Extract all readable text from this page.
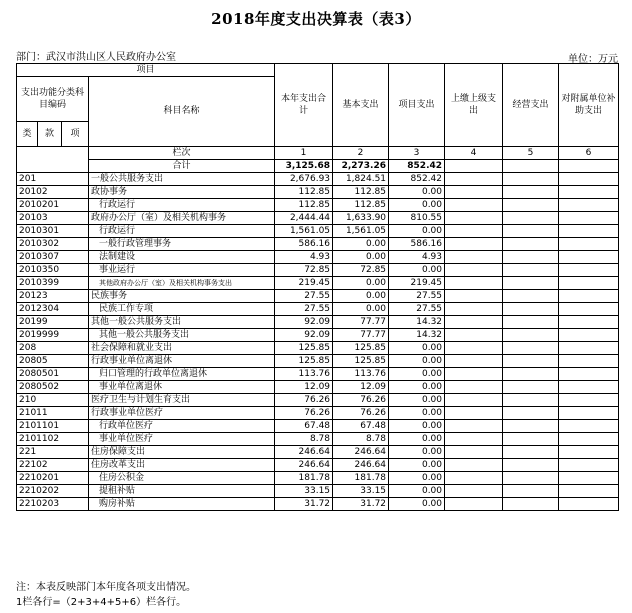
2018年度支出决算表（表3）
部门：武汉市洪山区人民政府办公室	单位：万元
项目				本年支出合计	基本支出	项目支出	上缴上级支出	经营支出	对附属单位补助支出
支出功能分类科目编码			科目名称						
类	款	项							
			栏次	1	2	3	4	5	6
			合计	3,125.68	2,273.26	852.42			
201			一般公共服务支出	2,676.93	1,824.51	852.42			
20102			政协事务	112.85	112.85	0.00			
2010201			行政运行	112.85	112.85	0.00			
20103			政府办公厅（室）及相关机构事务	2,444.44	1,633.90	810.55			
2010301			行政运行	1,561.05	1,561.05	0.00			
2010302			一般行政管理事务	586.16	0.00	586.16			
2010307			法制建设	4.93	0.00	4.93			
2010350			事业运行	72.85	72.85	0.00			
2010399			其他政府办公厅（室）及相关机构事务支出	219.45	0.00	219.45			
20123			民族事务	27.55	0.00	27.55			
2012304			民族工作专项	27.55	0.00	27.55			
20199			其他一般公共服务支出	92.09	77.77	14.32			
2019999			其他一般公共服务支出	92.09	77.77	14.32			
208			社会保障和就业支出	125.85	125.85	0.00			
20805			行政事业单位离退休	125.85	125.85	0.00			
2080501			归口管理的行政单位离退休	113.76	113.76	0.00			
2080502			事业单位离退休	12.09	12.09	0.00			
210			医疗卫生与计划生育支出	76.26	76.26	0.00			
21011			行政事业单位医疗	76.26	76.26	0.00			
2101101			行政单位医疗	67.48	67.48	0.00			
2101102			事业单位医疗	8.78	8.78	0.00			
221			住房保障支出	246.64	246.64	0.00			
22102			住房改革支出	246.64	246.64	0.00			
2210201			住房公积金	181.78	181.78	0.00			
2210202			提租补贴	33.15	33.15	0.00			
2210203			购房补贴	31.72	31.72	0.00			
注：本表反映部门本年度各项支出情况。
1栏各行=（2+3+4+5+6）栏各行。
